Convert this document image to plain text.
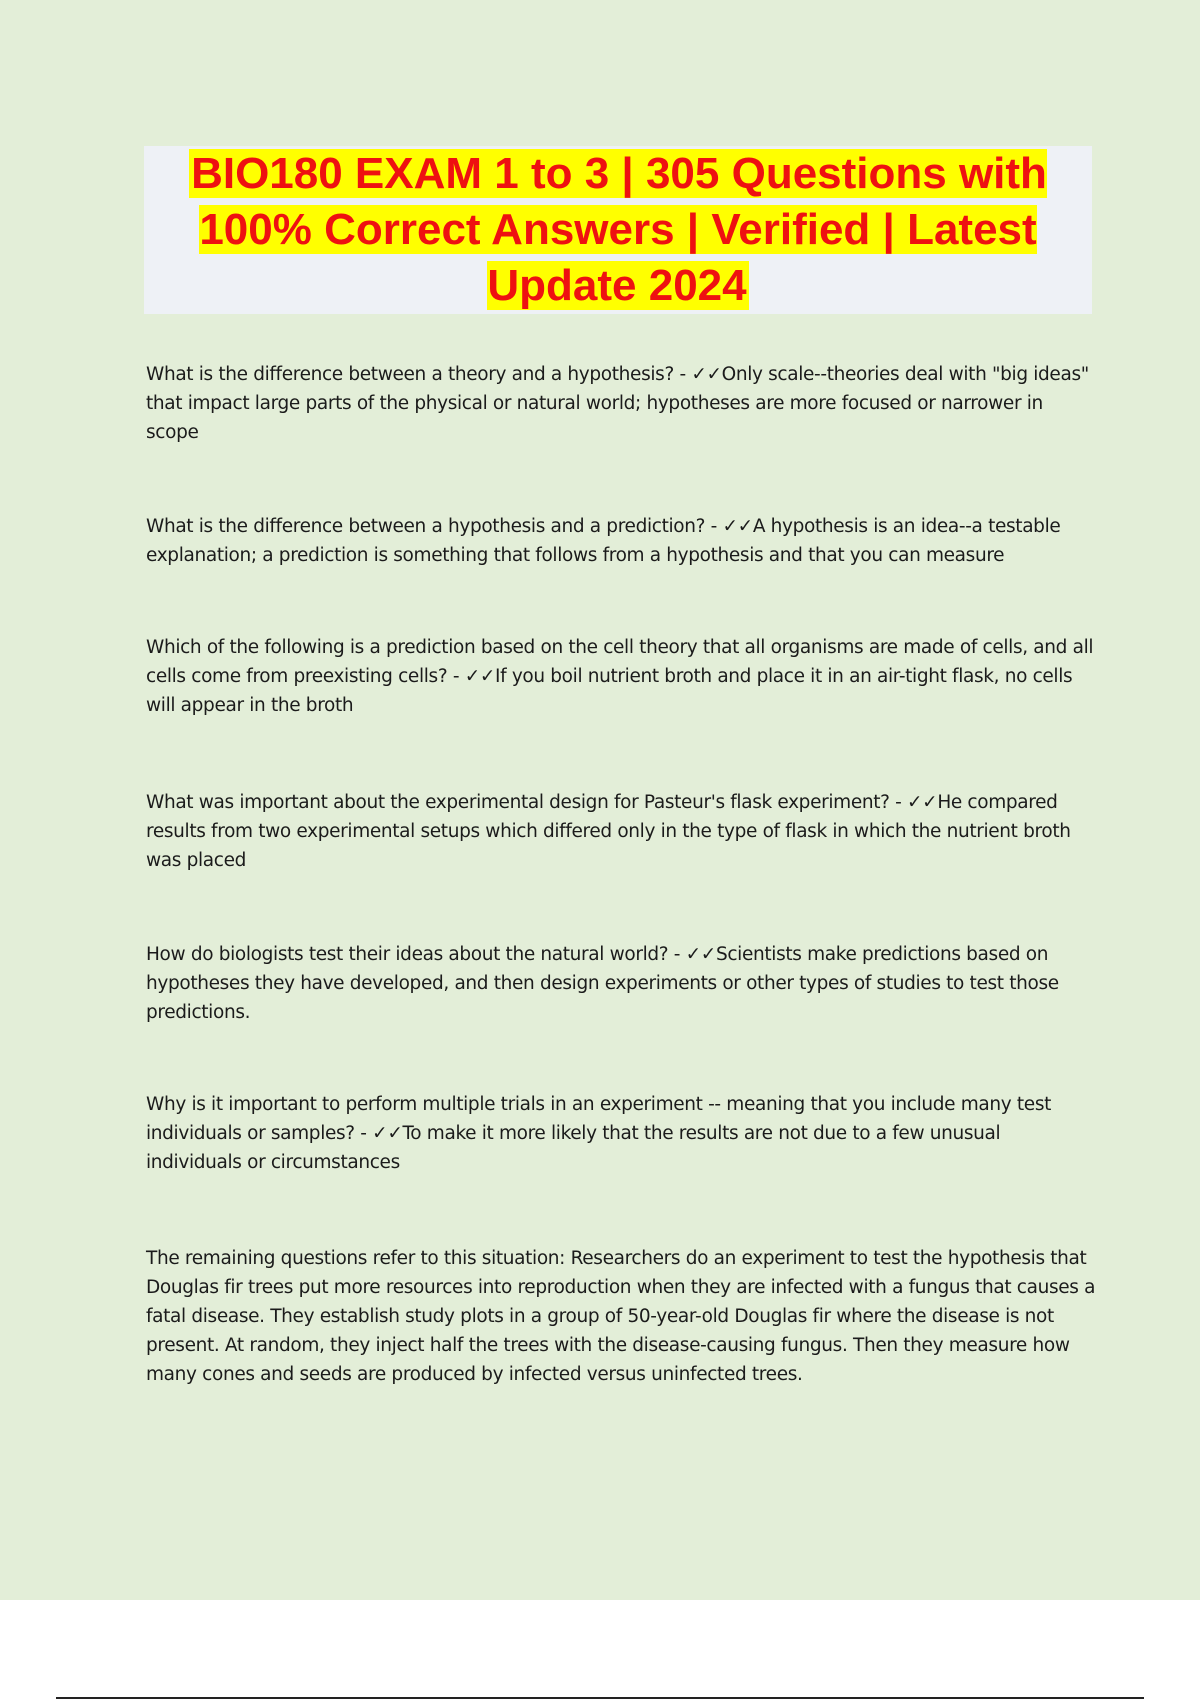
BIO180 EXAM 1 to 3 | 305 Questions with 100% Correct Answers | Verified | Latest Update 2024

What is the difference between a theory and a hypothesis? - ✓✓Only scale--theories deal with "big ideas" that impact large parts of the physical or natural world; hypotheses are more focused or narrower in scope

What is the difference between a hypothesis and a prediction? - ✓✓A hypothesis is an idea--a testable explanation; a prediction is something that follows from a hypothesis and that you can measure

Which of the following is a prediction based on the cell theory that all organisms are made of cells, and all cells come from preexisting cells? - ✓✓If you boil nutrient broth and place it in an air-tight flask, no cells will appear in the broth

What was important about the experimental design for Pasteur's flask experiment? - ✓✓He compared results from two experimental setups which differed only in the type of flask in which the nutrient broth was placed

How do biologists test their ideas about the natural world? - ✓✓Scientists make predictions based on hypotheses they have developed, and then design experiments or other types of studies to test those predictions.

Why is it important to perform multiple trials in an experiment -- meaning that you include many test individuals or samples? - ✓✓To make it more likely that the results are not due to a few unusual individuals or circumstances

The remaining questions refer to this situation: Researchers do an experiment to test the hypothesis that Douglas fir trees put more resources into reproduction when they are infected with a fungus that causes a fatal disease. They establish study plots in a group of 50-year-old Douglas fir where the disease is not present. At random, they inject half the trees with the disease-causing fungus. Then they measure how many cones and seeds are produced by infected versus uninfected trees.
